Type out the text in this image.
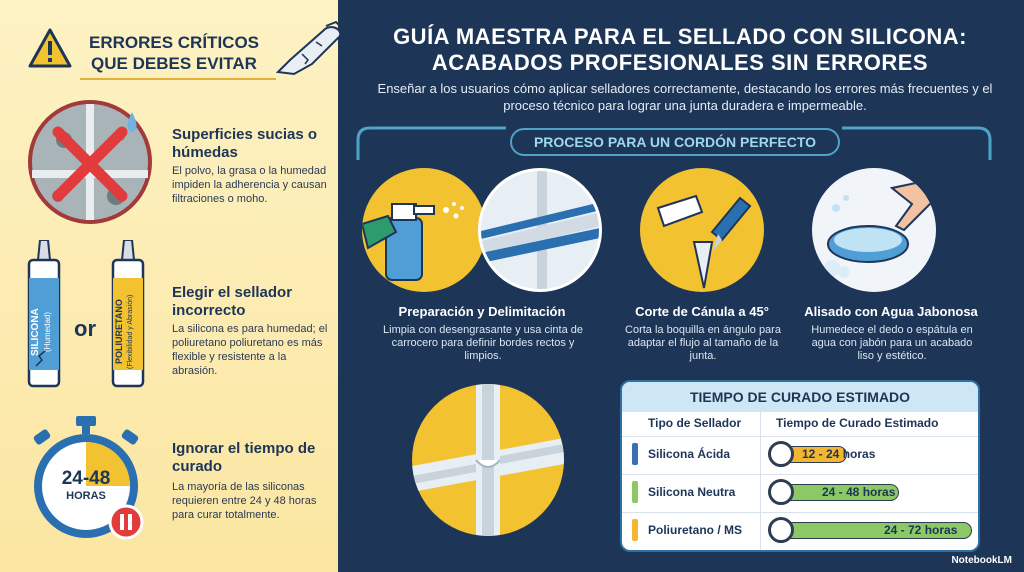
ERRORES CRÍTICOS
QUE DEBES EVITAR
Superficies sucias o húmedas
El polvo, la grasa o la humedad impiden la adherencia y causan filtraciones o moho.
SILICONA (Humedad)	or POLIURETANO (Flexibilidad y Abrasión)
Elegir el sellador incorrecto
La silicona es para humedad; el poliuretano poliuretano es más flexible y resistente a la abrasión.
24-48
HORAS
Ignorar el tiempo de curado
La mayoría de las siliconas requieren entre 24 y 48 horas para curar totalmente.
GUÍA MAESTRA PARA EL SELLADO CON SILICONA:
ACABADOS PROFESIONALES SIN ERRORES
Enseñar a los usuarios cómo aplicar selladores correctamente, destacando los errores más frecuentes y el proceso técnico para lograr una junta duradera e impermeable.
PROCESO PARA UN CORDÓN PERFECTO
Preparación y Delimitación
Limpia con desengrasante y usa cinta de carrocero para definir bordes rectos y limpios.
Corte de Cánula a 45°
Corta la boquilla en ángulo para adaptar el flujo al tamaño de la junta.
Alisado con Agua Jabonosa
Humedece el dedo o espátula en agua con jabón para un acabado liso y estético.
TIEMPO DE CURADO ESTIMADO
Tipo de Sellador	Tiempo de Curado Estimado
Silicona Ácida	12 - 24 horas
Silicona Neutra	24 - 48 horas
Poliuretano / MS	24 - 72 horas
NotebookLM
